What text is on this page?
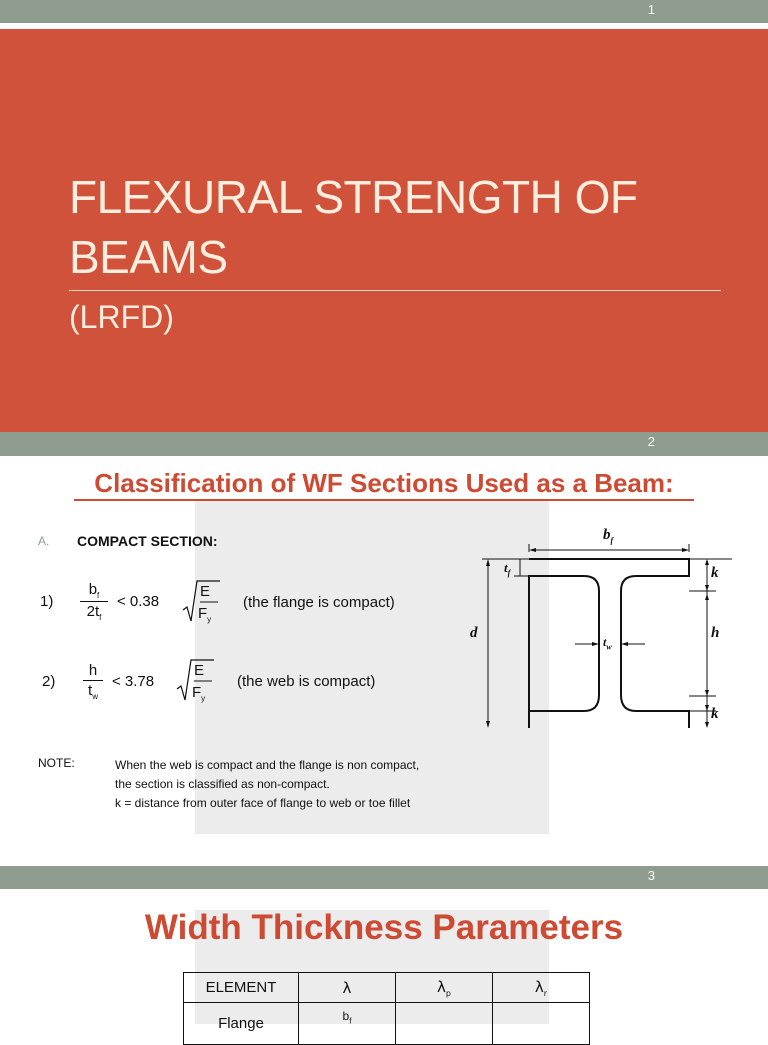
1
FLEXURAL STRENGTH OF
BEAMS
(LRFD)
2
Classification of WF Sections Used as a Beam:
A. COMPACT SECTION:
1)
$b_f$
$2t_f$
< 0.38
E
$F_y$
(the flange is compact)
2)
h
$t_w$
< 3.78
E
$F_y$
(the web is compact)
NOTE:	When the web is compact and the flange is non compact,
the section is classified as non-compact.
k = distance from outer face of flange to web or toe fillet
$b_f$
$t_f$
d
$t_w$
k
h
k
3
Width Thickness Parameters
ELEMENT	λ	$\lambda_p$	$\lambda_r$
Flange	$b_f$		
